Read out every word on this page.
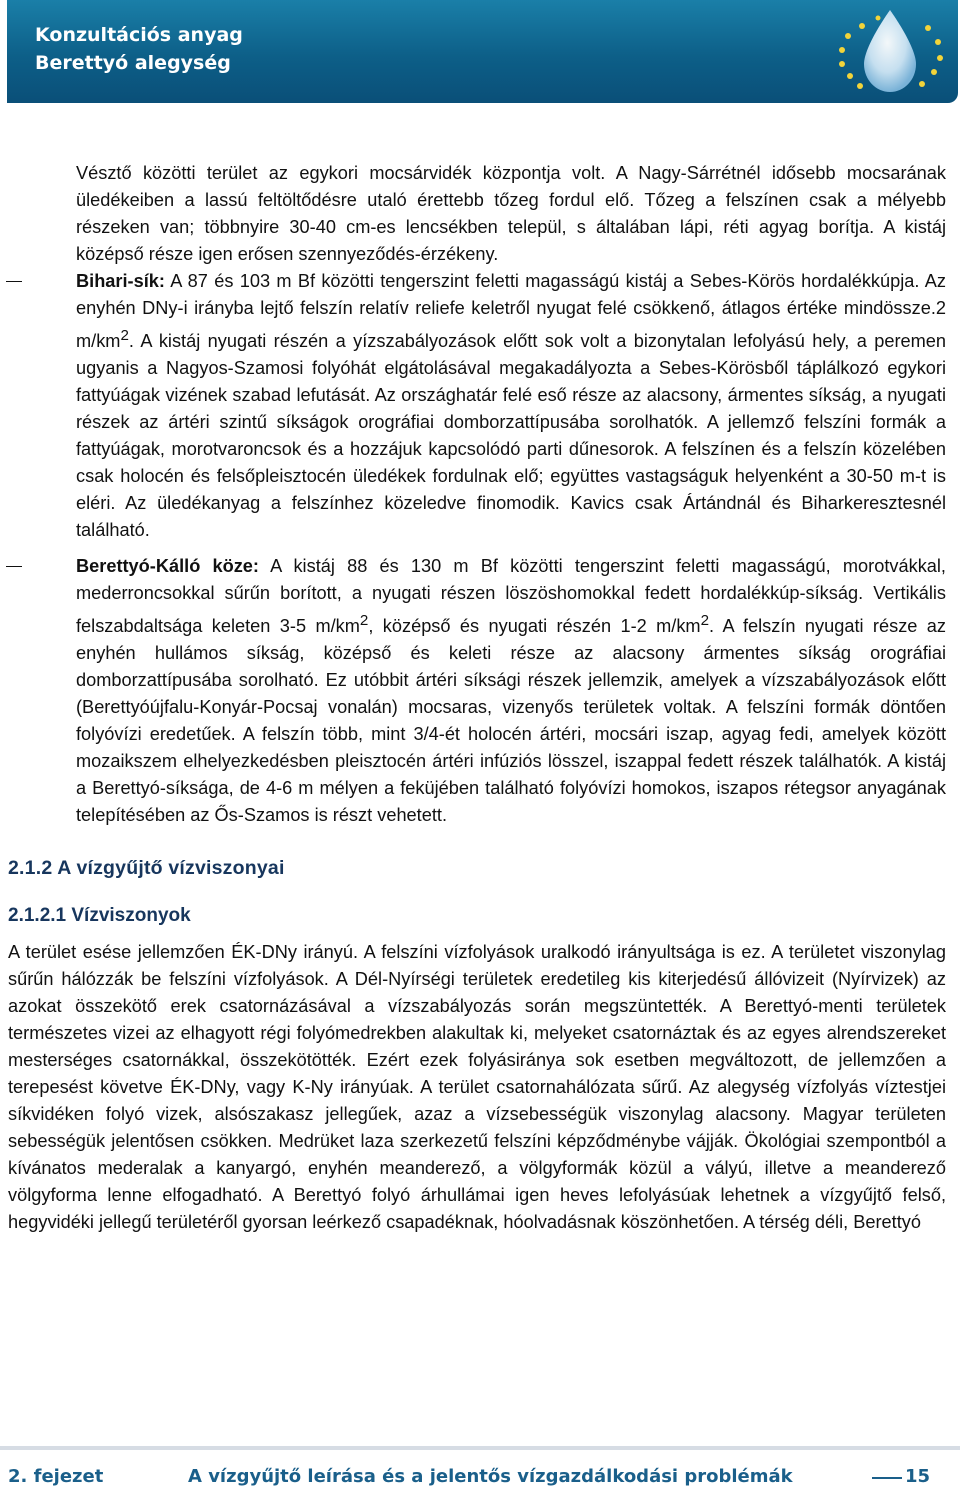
Konzultációs anyag
Berettyó alegység

Vésztő közötti terület az egykori mocsárvidék központja volt. A Nagy-Sárrétnél idősebb mocsarának üledékeiben a lassú feltöltődésre utaló érettebb tőzeg fordul elő. Tőzeg a felszínen csak a mélyebb részeken van; többnyire 30-40 cm-es lencsékben települ, s általában lápi, réti agyag borítja. A kistáj középső része igen erősen szennyeződés-érzékeny.

Bihari-sík: A 87 és 103 m Bf közötti tengerszint feletti magasságú kistáj a Sebes-Körös hordalékkúpja. Az enyhén DNy-i irányba lejtő felszín relatív reliefe keletről nyugat felé csökkenő, átlagos értéke mindössze.2 $m/km^2$. A kistáj nyugati részén a yízszabályozások előtt sok volt a bizonytalan lefolyású hely, a peremen ugyanis a Nagyos-Szamosi folyóhát elgátolásával megakadályozta a Sebes-Körösből táplálkozó egykori fattyúágak vizének szabad lefutását. Az országhatár felé eső része az alacsony, ármentes síkság, a nyugati részek az ártéri szintű síkságok orográfiai domborzattípusába sorolhatók. A jellemző felszíni formák a fattyúágak, morotvaroncsok és a hozzájuk kapcsolódó parti dűnesorok. A felszínen és a felszín közelében csak holocén és felsőpleisztocén üledékek fordulnak elő; együttes vastagságuk helyenként a 30-50 m-t is eléri. Az üledékanyag a felszínhez közeledve finomodik. Kavics csak Ártándnál és Biharkeresztesnél található.

Berettyó-Kálló köze: A kistáj 88 és 130 m Bf közötti tengerszint feletti magasságú, morotvákkal, mederroncsokkal sűrűn borított, a nyugati részen löszöshomokkal fedett hordalékkúp-síkság. Vertikális felszabdaltsága keleten 3-5 $m/km^2$, középső és nyugati részén 1-2 $m/km^2$. A felszín nyugati része az enyhén hullámos síkság, középső és keleti része az alacsony ármentes síkság orográfiai domborzattípusába sorolható. Ez utóbbit ártéri síksági részek jellemzik, amelyek a vízszabályozások előtt (Berettyóújfalu-Konyár-Pocsaj vonalán) mocsaras, vizenyős területek voltak. A felszíni formák döntően folyóvízi eredetűek. A felszín több, mint 3/4-ét holocén ártéri, mocsári iszap, agyag fedi, amelyek között mozaikszem elhelyezkedésben pleisztocén ártéri infúziós lösszel, iszappal fedett részek találhatók. A kistáj a Berettyó-síksága, de 4-6 m mélyen a feküjében található folyóvízi homokos, iszapos rétegsor anyagának telepítésében az Ős-Szamos is részt vehetett.

2.1.2 A vízgyűjtő vízviszonyai
2.1.2.1 Vízviszonyok

A terület esése jellemzően ÉK-DNy irányú. A felszíni vízfolyások uralkodó irányultsága is ez. A területet viszonylag sűrűn hálózzák be felszíni vízfolyások. A Dél-Nyírségi területek eredetileg kis kiterjedésű állóvizeit (Nyírvizek) az azokat összekötő erek csatornázásával a vízszabályozás során megszüntették. A Berettyó-menti területek természetes vizei az elhagyott régi folyómedrekben alakultak ki, melyeket csatornáztak és az egyes alrendszereket mesterséges csatornákkal, összekötötték. Ezért ezek folyásiránya sok esetben megváltozott, de jellemzően a terepesést követve ÉK-DNy, vagy K-Ny irányúak. A terület csatornahálózata sűrű. Az alegység vízfolyás víztestjei síkvidéken folyó vizek, alsószakasz jellegűek, azaz a vízsebességük viszonylag alacsony. Magyar területen sebességük jelentősen csökken. Medrüket laza szerkezetű felszíni képződménybe vájják. Ökológiai szempontból a kívánatos mederalak a kanyargó, enyhén meanderező, a völgyformák közül a vályú, illetve a meanderező völgyforma lenne elfogadható. A Berettyó folyó árhullámai igen heves lefolyásúak lehetnek a vízgyűjtő felső, hegyvidéki jellegű területéről gyorsan leérkező csapadéknak, hóolvadásnak köszönhetően. A térség déli, Berettyó

2. fejezet	A vízgyűjtő leírása és a jelentős vízgazdálkodási problémák	15
